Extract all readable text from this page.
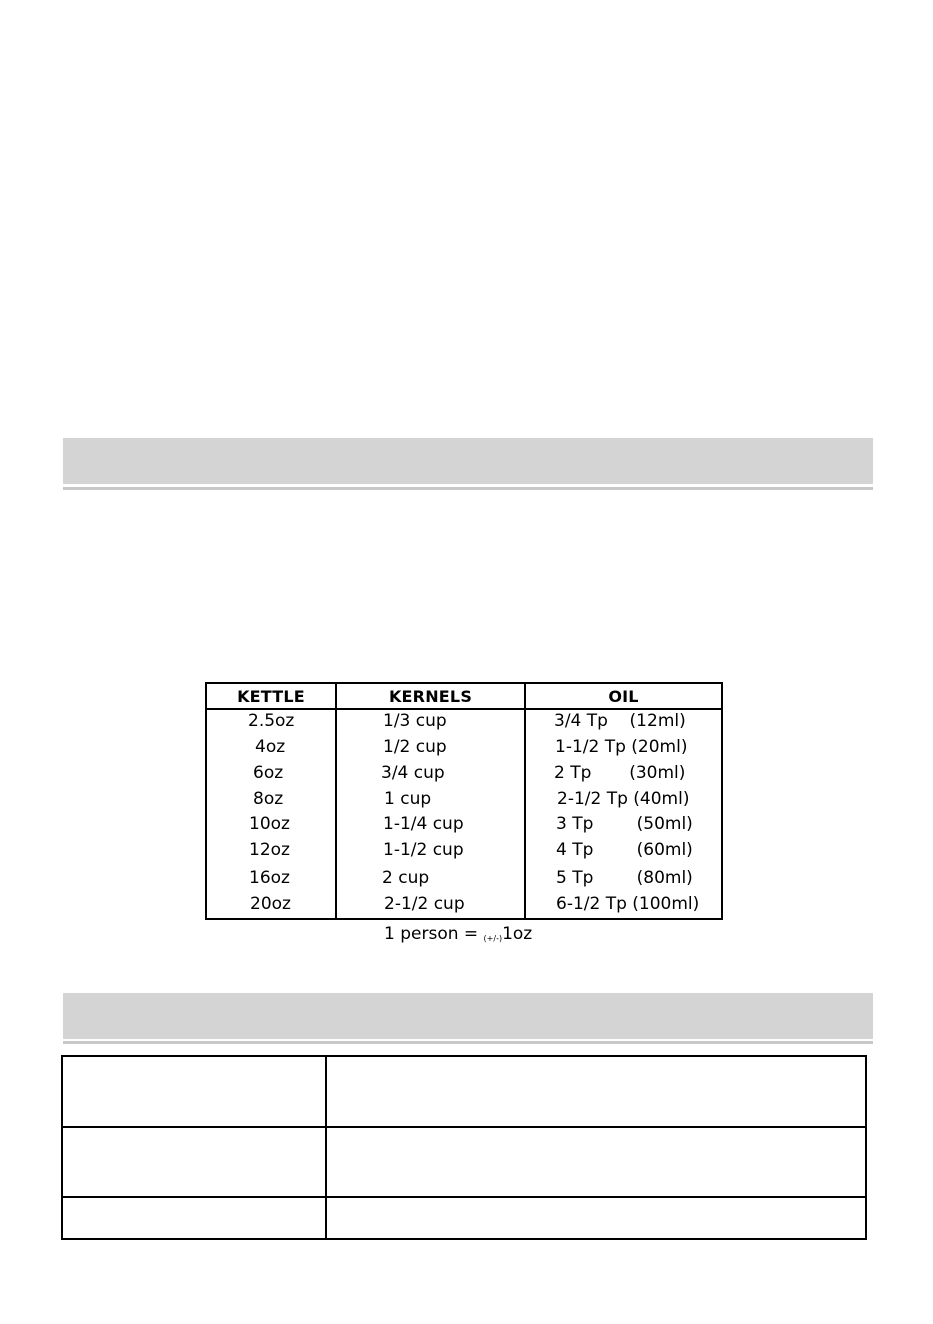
KETTLE	KERNELS	OIL
2.5oz	1/3 cup	3/4 Tp    (12ml)
4oz	1/2 cup	1-1/2 Tp (20ml)
6oz	3/4 cup	2 Tp       (30ml)
8oz	1 cup	2-1/2 Tp (40ml)
10oz	1-1/4 cup	3 Tp        (50ml)
12oz	1-1/2 cup	4 Tp        (60ml)
16oz	2 cup	5 Tp        (80ml)
20oz	2-1/2 cup	6-1/2 Tp (100ml)
1 person = (+/-)1oz
